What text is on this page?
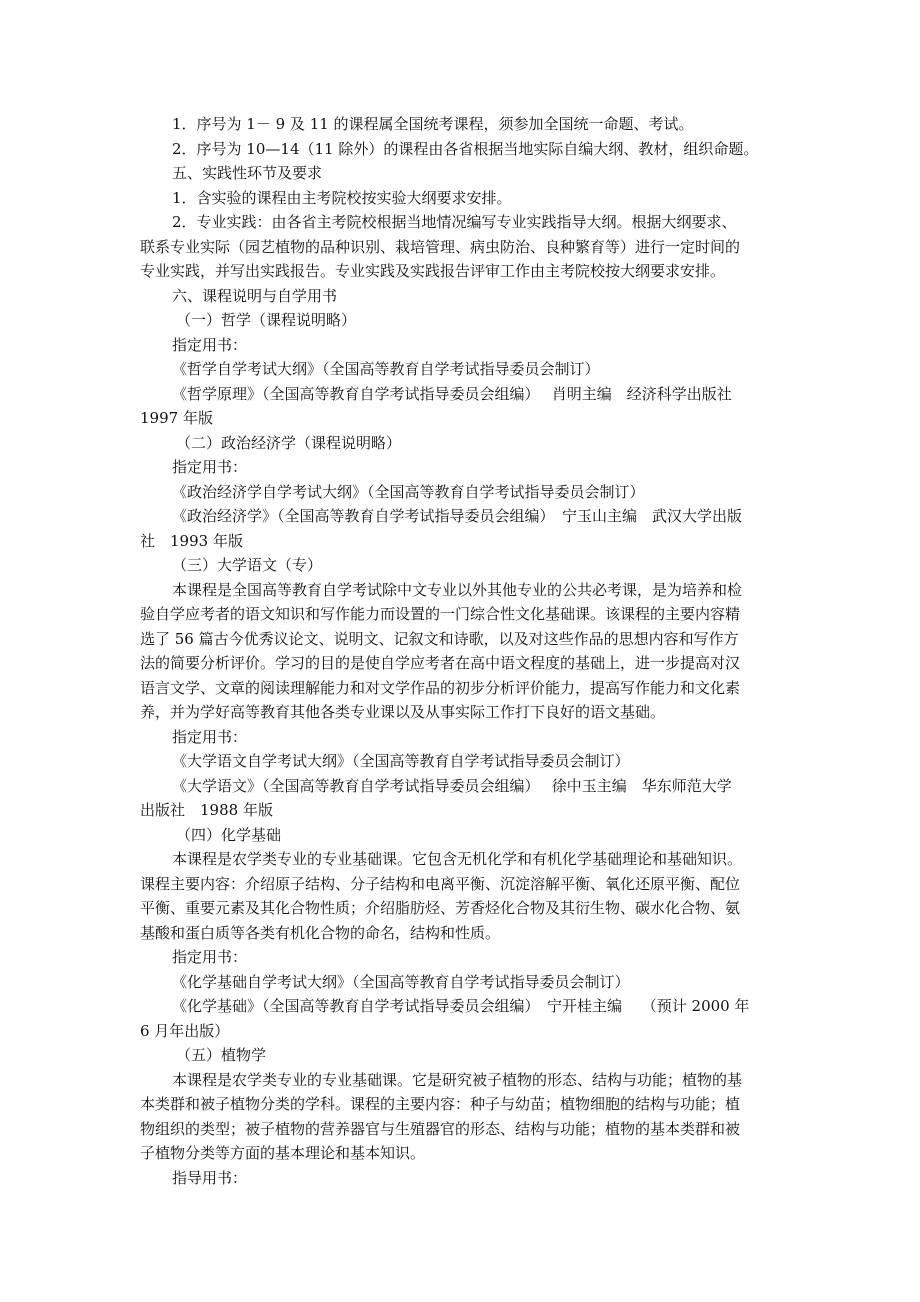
1．序号为 1－ 9 及 11 的课程属全国统考课程，须参加全国统一命题、考试。
2．序号为 10—14（11 除外）的课程由各省根据当地实际自编大纲、教材，组织命题。
五、实践性环节及要求
1．含实验的课程由主考院校按实验大纲要求安排。
2．专业实践：由各省主考院校根据当地情况编写专业实践指导大纲。根据大纲要求、
联系专业实际（园艺植物的品种识别、栽培管理、病虫防治、良种繁育等）进行一定时间的
专业实践，并写出实践报告。专业实践及实践报告评审工作由主考院校按大纲要求安排。
六、课程说明与自学用书
（一）哲学（课程说明略）
指定用书：
《哲学自学考试大纲》（全国高等教育自学考试指导委员会制订）
《哲学原理》（全国高等教育自学考试指导委员会组编）　 肖明主编　经济科学出版社
1997 年版
（二）政治经济学（课程说明略）
指定用书：
《政治经济学自学考试大纲》（全国高等教育自学考试指导委员会制订）
《政治经济学》（全国高等教育自学考试指导委员会组编）　宁玉山主编　武汉大学出版
社　1993 年版
（三）大学语文（专）
本课程是全国高等教育自学考试除中文专业以外其他专业的公共必考课，是为培养和检
验自学应考者的语文知识和写作能力而设置的一门综合性文化基础课。该课程的主要内容精
选了 56 篇古今优秀议论文、说明文、记叙文和诗歌，以及对这些作品的思想内容和写作方
法的简要分析评价。学习的目的是使自学应考者在高中语文程度的基础上，进一步提高对汉
语言文学、文章的阅读理解能力和对文学作品的初步分析评价能力，提高写作能力和文化素
养，并为学好高等教育其他各类专业课以及从事实际工作打下良好的语文基础。
指定用书：
《大学语文自学考试大纲》（全国高等教育自学考试指导委员会制订）
《大学语文》（全国高等教育自学考试指导委员会组编）　 徐中玉主编　华东师范大学
出版社　1988 年版
（四）化学基础
本课程是农学类专业的专业基础课。它包含无机化学和有机化学基础理论和基础知识。
课程主要内容：介绍原子结构、分子结构和电离平衡、沉淀溶解平衡、氧化还原平衡、配位
平衡、重要元素及其化合物性质；介绍脂肪烃、芳香烃化合物及其衍生物、碳水化合物、氨
基酸和蛋白质等各类有机化合物的命名，结构和性质。
指定用书：
《化学基础自学考试大纲》（全国高等教育自学考试指导委员会制订）
《化学基础》（全国高等教育自学考试指导委员会组编）　宁开桂主编　 （预计 2000 年
6 月年出版）
（五）植物学
本课程是农学类专业的专业基础课。它是研究被子植物的形态、结构与功能；植物的基
本类群和被子植物分类的学科。课程的主要内容：种子与幼苗；植物细胞的结构与功能；植
物组织的类型；被子植物的营养器官与生殖器官的形态、结构与功能；植物的基本类群和被
子植物分类等方面的基本理论和基本知识。
指导用书：
